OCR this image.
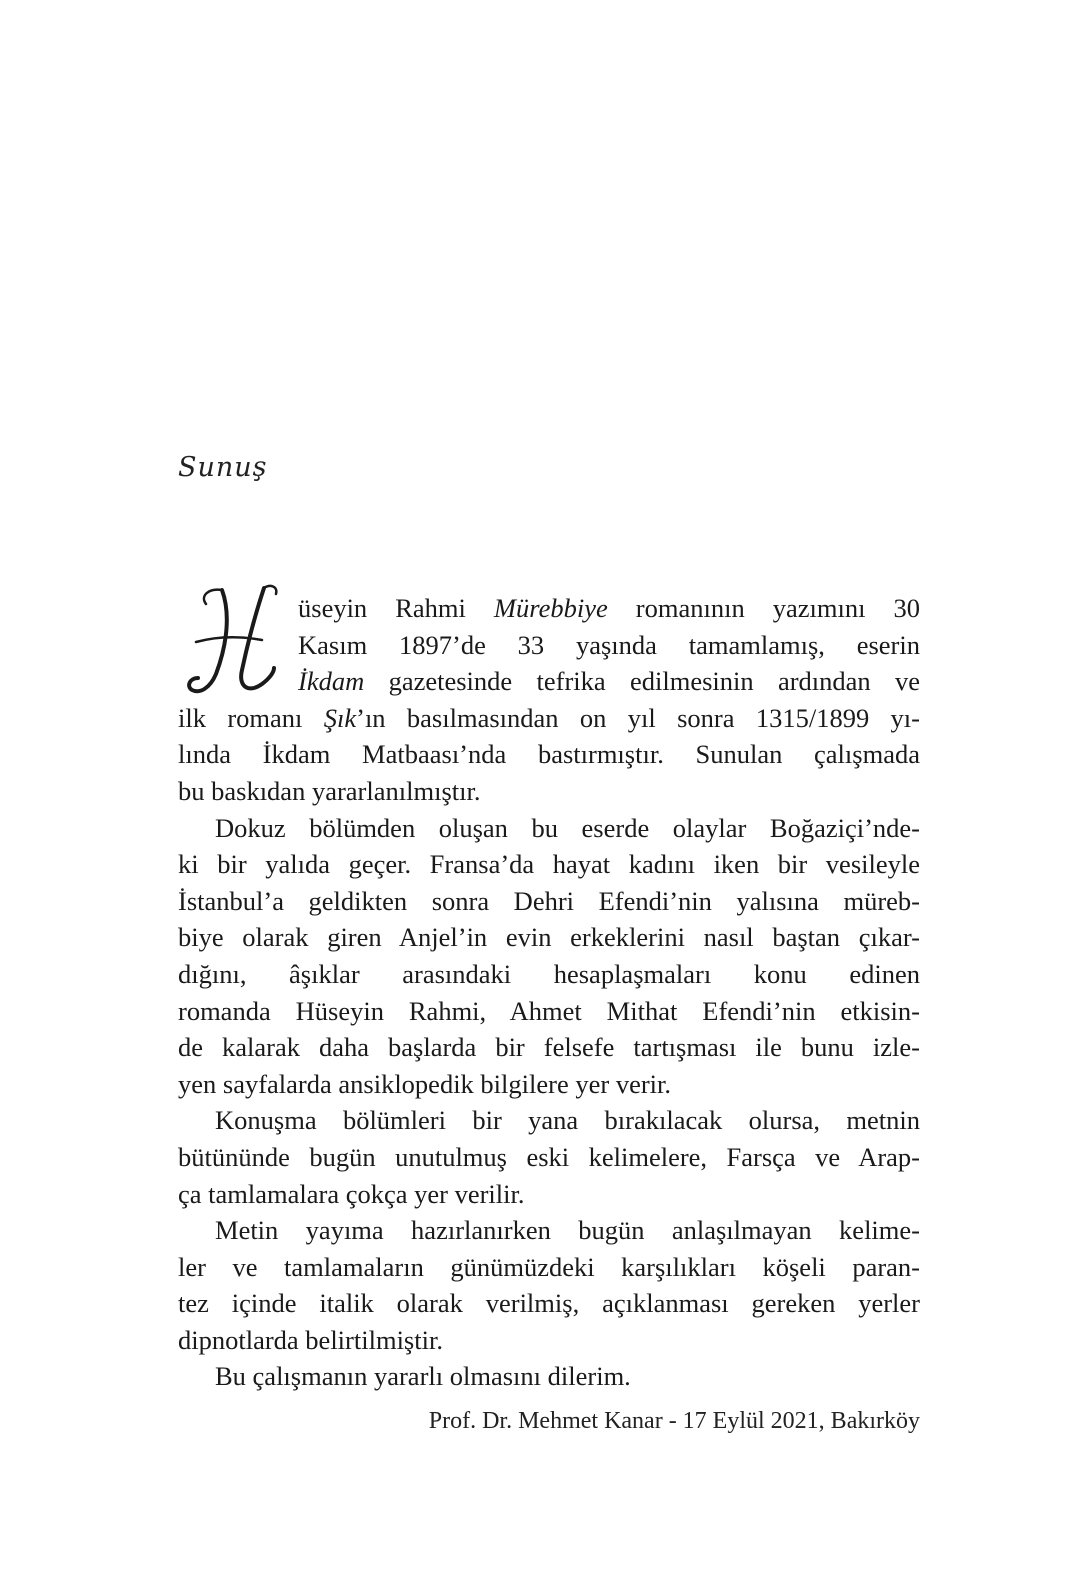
Sunuş
üseyin Rahmi Mürebbiye romanının yazımını 30
Kasım 1897’de 33 yaşında tamamlamış, eserin
İkdam gazetesinde tefrika edilmesinin ardından ve
ilk romanı Şık’ın basılmasından on yıl sonra 1315/1899 yı-
lında İkdam Matbaası’nda bastırmıştır. Sunulan çalışmada
bu baskıdan yararlanılmıştır.
Dokuz bölümden oluşan bu eserde olaylar Boğaziçi’nde-
ki bir yalıda geçer. Fransa’da hayat kadını iken bir vesileyle
İstanbul’a geldikten sonra Dehri Efendi’nin yalısına müreb-
biye olarak giren Anjel’in evin erkeklerini nasıl baştan çıkar-
dığını, âşıklar arasındaki hesaplaşmaları konu edinen
romanda Hüseyin Rahmi, Ahmet Mithat Efendi’nin etkisin-
de kalarak daha başlarda bir felsefe tartışması ile bunu izle-
yen sayfalarda ansiklopedik bilgilere yer verir.
Konuşma bölümleri bir yana bırakılacak olursa, metnin
bütününde bugün unutulmuş eski kelimelere, Farsça ve Arap-
ça tamlamalara çokça yer verilir.
Metin yayıma hazırlanırken bugün anlaşılmayan kelime-
ler ve tamlamaların günümüzdeki karşılıkları köşeli paran-
tez içinde italik olarak verilmiş, açıklanması gereken yerler
dipnotlarda belirtilmiştir.
Bu çalışmanın yararlı olmasını dilerim.
Prof. Dr. Mehmet Kanar - 17 Eylül 2021, Bakırköy
